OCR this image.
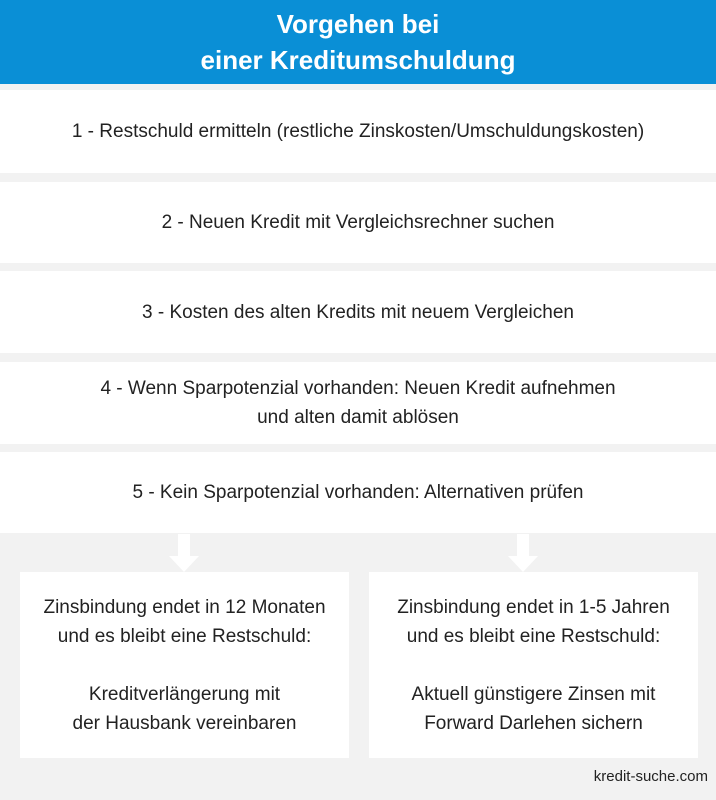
Vorgehen bei
einer Kreditumschuldung
1 - Restschuld ermitteln (restliche Zinskosten/Umschuldungskosten)
2 - Neuen Kredit mit Vergleichsrechner suchen
3 - Kosten des alten Kredits mit neuem Vergleichen
4 - Wenn Sparpotenzial vorhanden: Neuen Kredit aufnehmen
und alten damit ablösen
5 - Kein Sparpotenzial vorhanden: Alternativen prüfen
Zinsbindung endet in 12 Monaten
und es bleibt eine Restschuld:
Kreditverlängerung mit
der Hausbank vereinbaren
Zinsbindung endet in 1-5 Jahren
und es bleibt eine Restschuld:
Aktuell günstigere Zinsen mit
Forward Darlehen sichern
kredit-suche.com
